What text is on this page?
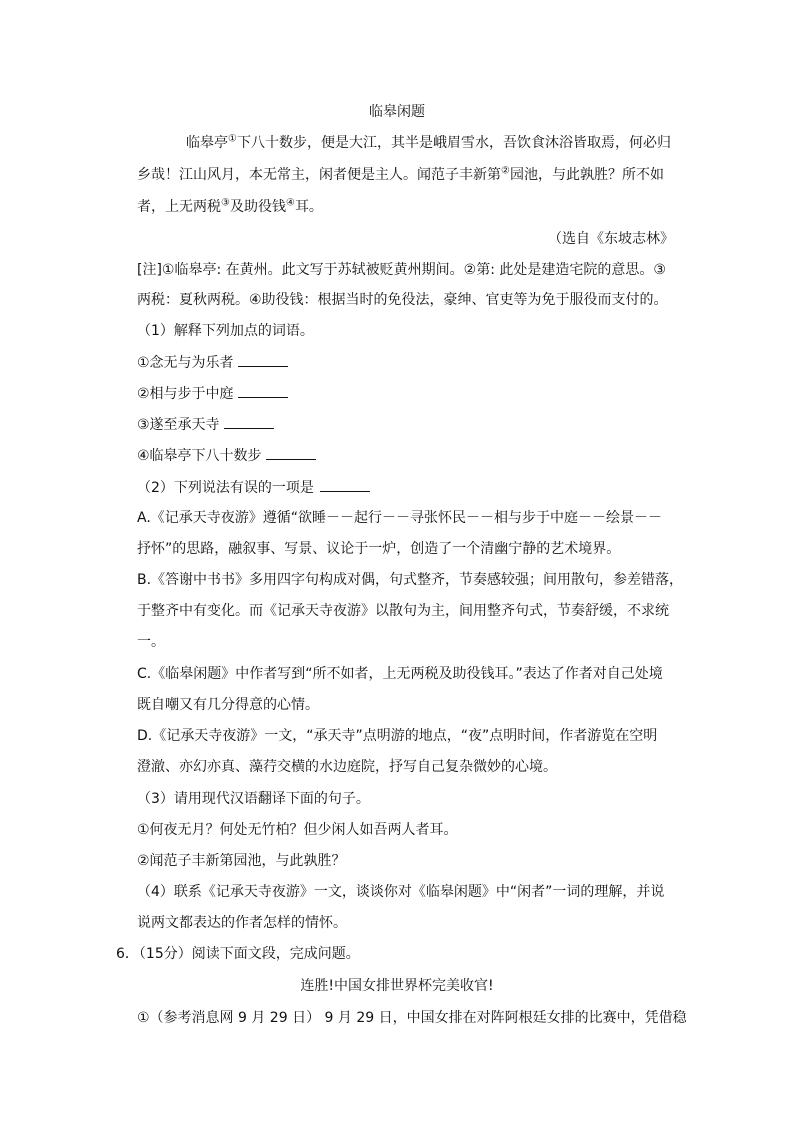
临皋闲题
临皋亭①下八十数步，便是大江，其半是峨眉雪水，吾饮食沐浴皆取焉，何必归
乡哉！江山风月，本无常主，闲者便是主人。闻范子丰新第②园池，与此孰胜？所不如
者，上无两税③及助役钱④耳。
（选自《东坡志林》
[注]①临皋亭: 在黄州。此文写于苏轼被贬黄州期间。②第: 此处是建造宅院的意思。③
两税：夏秋两税。④助役钱：根据当时的免役法，豪绅、官吏等为免于服役而支付的。
（1）解释下列加点的词语。
①念无与为乐者
②相与步于中庭
③遂至承天寺
④临皋亭下八十数步
（2）下列说法有误的一项是
A.《记承天寺夜游》遵循“欲睡－－起行－－寻张怀民－－相与步于中庭－－绘景－－
抒怀”的思路，融叙事、写景、议论于一炉，创造了一个清幽宁静的艺术境界。
B.《答谢中书书》多用四字句构成对偶，句式整齐，节奏感较强；间用散句，参差错落，
于整齐中有变化。而《记承天寺夜游》以散句为主，间用整齐句式，节奏舒缓，不求统
一。
C.《临皋闲题》中作者写到“所不如者，上无两税及助役钱耳。”表达了作者对自己处境
既自嘲又有几分得意的心情。
D.《记承天寺夜游》一文，“承天寺”点明游的地点，“夜”点明时间，作者游览在空明
澄澈、亦幻亦真、藻荇交横的水边庭院，抒写自己复杂微妙的心境。
（3）请用现代汉语翻译下面的句子。
①何夜无月？何处无竹柏？但少闲人如吾两人者耳。
②闻范子丰新第园池，与此孰胜？
（4）联系《记承天寺夜游》一文，谈谈你对《临皋闲题》中“闲者”一词的理解，并说
说两文都表达的作者怎样的情怀。
6．（15分）阅读下面文段，完成问题。
连胜!中国女排世界杯完美收官!
①（参考消息网 9 月 29 日） 9 月 29 日，中国女排在对阵阿根廷女排的比赛中，凭借稳
